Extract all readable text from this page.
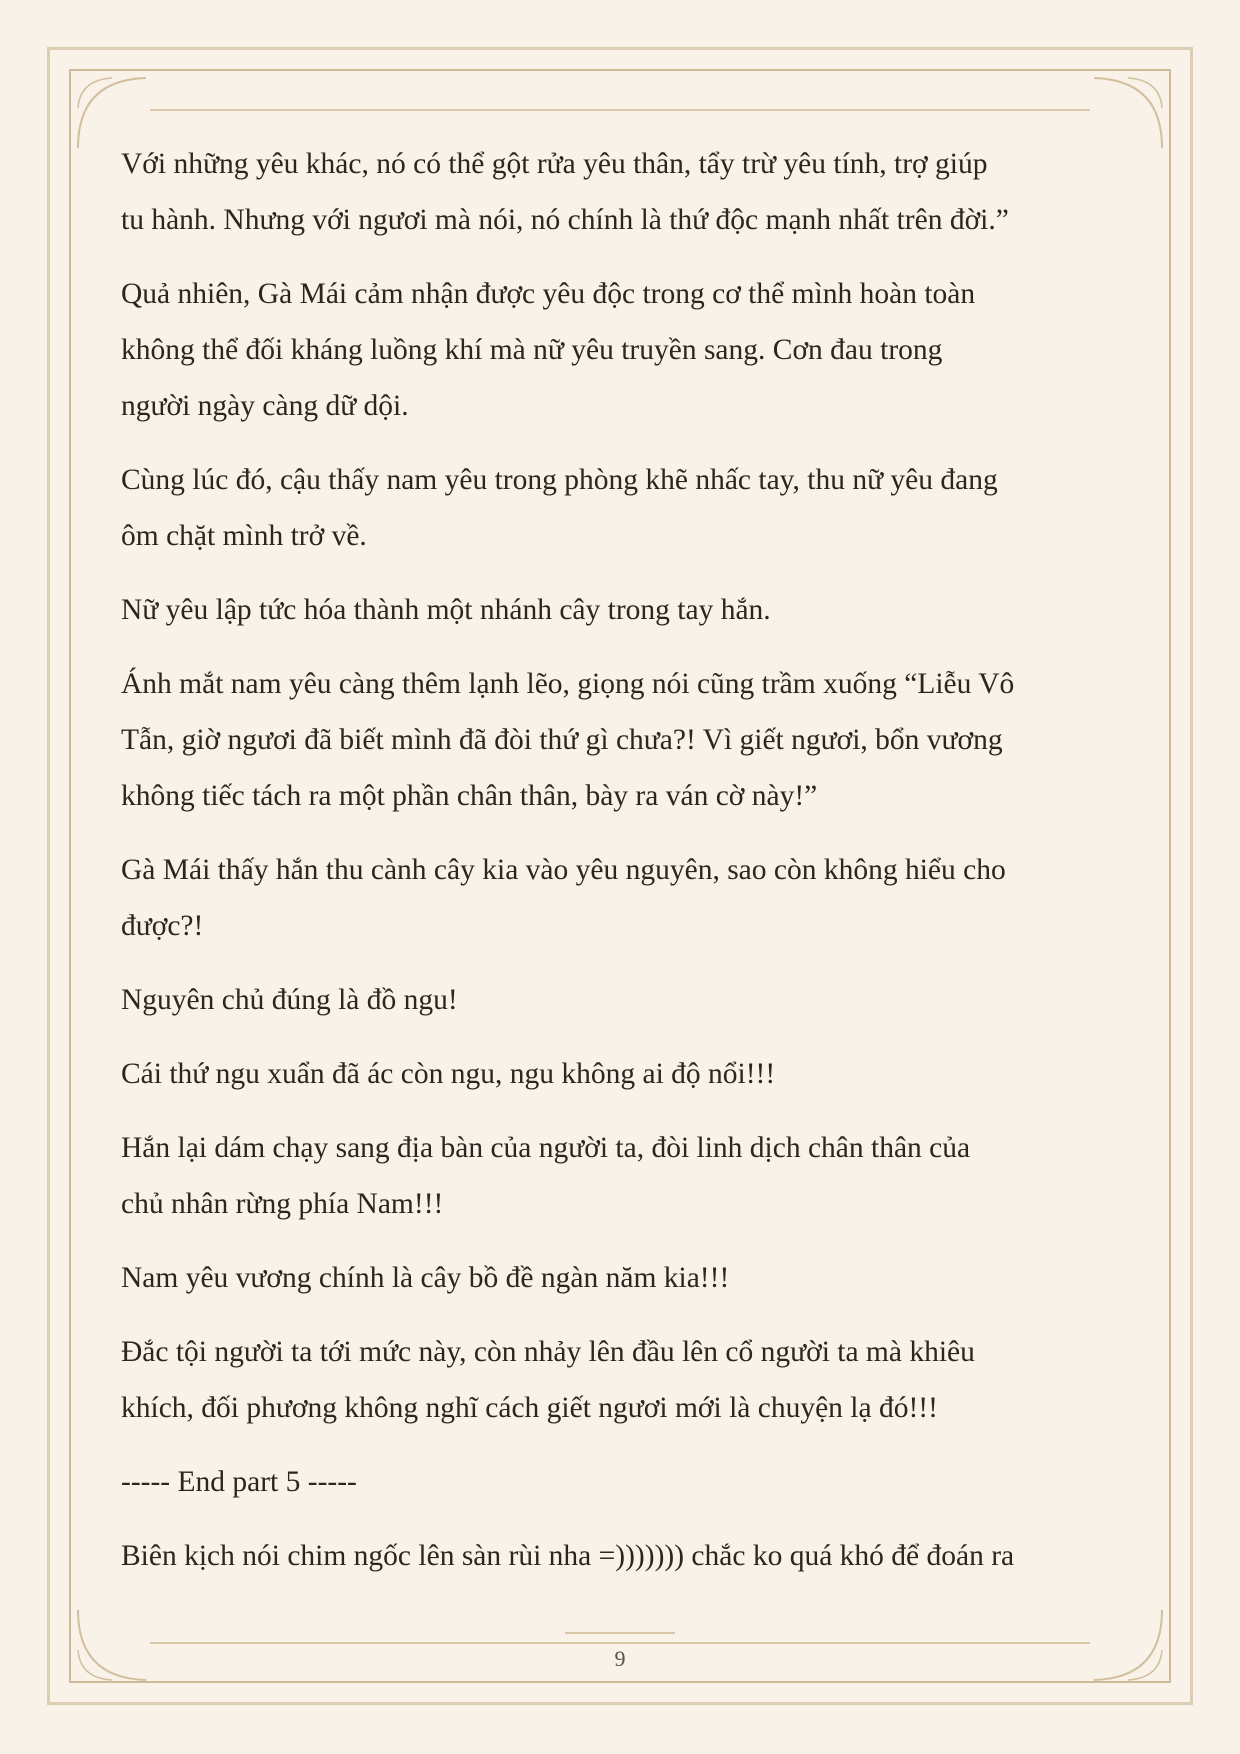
Với những yêu khác, nó có thể gột rửa yêu thân, tẩy trừ yêu tính, trợ giúp
tu hành. Nhưng với ngươi mà nói, nó chính là thứ độc mạnh nhất trên đời.”
Quả nhiên, Gà Mái cảm nhận được yêu độc trong cơ thể mình hoàn toàn
không thể đối kháng luồng khí mà nữ yêu truyền sang. Cơn đau trong
người ngày càng dữ dội.
Cùng lúc đó, cậu thấy nam yêu trong phòng khẽ nhấc tay, thu nữ yêu đang
ôm chặt mình trở về.
Nữ yêu lập tức hóa thành một nhánh cây trong tay hắn.
Ánh mắt nam yêu càng thêm lạnh lẽo, giọng nói cũng trầm xuống “Liễu Vô
Tẫn, giờ ngươi đã biết mình đã đòi thứ gì chưa?! Vì giết ngươi, bổn vương
không tiếc tách ra một phần chân thân, bày ra ván cờ này!”
Gà Mái thấy hắn thu cành cây kia vào yêu nguyên, sao còn không hiểu cho
được?!
Nguyên chủ đúng là đồ ngu!
Cái thứ ngu xuẩn đã ác còn ngu, ngu không ai độ nổi!!!
Hắn lại dám chạy sang địa bàn của người ta, đòi linh dịch chân thân của
chủ nhân rừng phía Nam!!!
Nam yêu vương chính là cây bồ đề ngàn năm kia!!!
Đắc tội người ta tới mức này, còn nhảy lên đầu lên cổ người ta mà khiêu
khích, đối phương không nghĩ cách giết ngươi mới là chuyện lạ đó!!!
----- End part 5 -----
Biên kịch nói chim ngốc lên sàn rùi nha =))))))) chắc ko quá khó để đoán ra
9
